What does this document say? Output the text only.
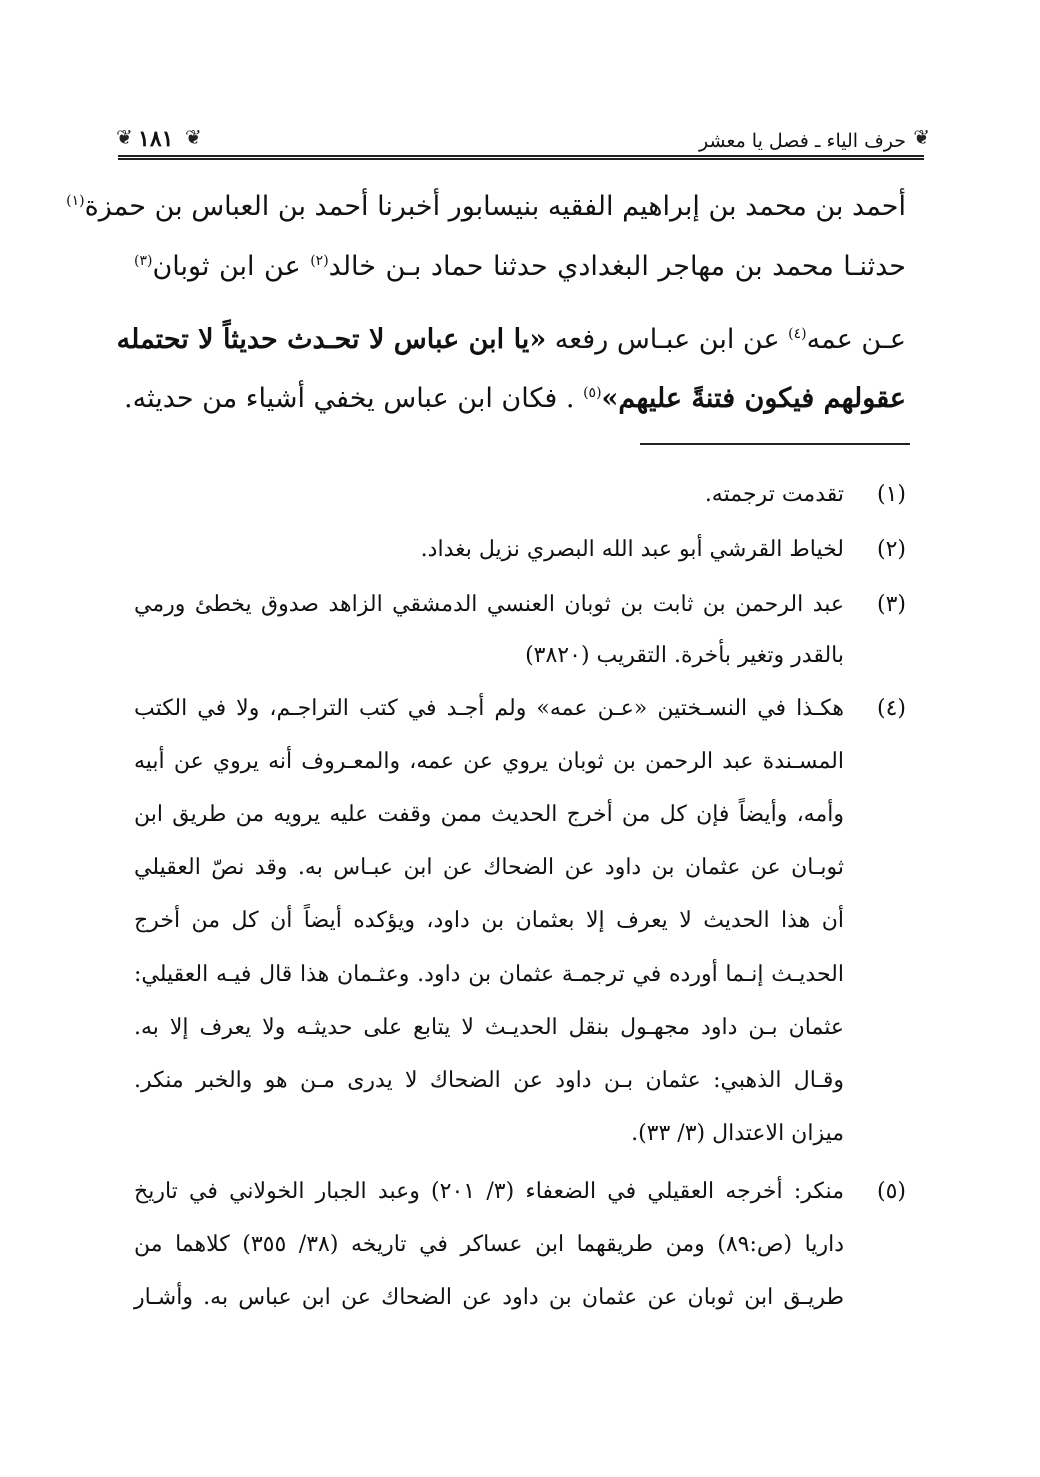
❦
حرف الياء ـ فصل يا معشر
❦
١٨١
❦
أحمد بن محمد بن إبراهيم الفقيه بنيسابور أخبرنا أحمد بن العباس بن حمزة$^{(١)}$
حدثنـا محمد بن مهاجر البغدادي حدثنا حماد بـن خالد$^{(٢)}$ عن ابن ثوبان$^{(٣)}$
عـن عمه$^{(٤)}$ عن ابن عبـاس رفعه «يا ابن عباس لا تحـدث حديثاً لا تحتمله
عقولهم فيكون فتنةً عليهم»$^{(٥)}$ . فكان ابن عباس يخفي أشياء من حديثه.
(١)
تقدمت ترجمته.
(٢)
لخياط القرشي أبو عبد الله البصري نزيل بغداد.
(٣)
عبد الرحمن بن ثابت بن ثوبان العنسي الدمشقي الزاهد صدوق يخطئ ورمي
بالقدر وتغير بأخرة. التقريب (٣٨٢٠)
(٤)
هكـذا في النسـختين «عـن عمه» ولم أجـد في كتب التراجـم، ولا في الكتب
المسـندة عبد الرحمن بن ثوبان يروي عن عمه، والمعـروف أنه يروي عن أبيه
وأمه، وأيضاً فإن كل من أخرج الحديث ممن وقفت عليه يرويه من طريق ابن
ثوبـان عن عثمان بن داود عن الضحاك عن ابن عبـاس به. وقد نصّ العقيلي
أن هذا الحديث لا يعرف إلا بعثمان بن داود، ويؤكده أيضاً أن كل من أخرج
الحديـث إنـما أورده في ترجمـة عثمان بن داود. وعثـمان هذا قال فيـه العقيلي:
عثمان بـن داود مجهـول بنقل الحديـث لا يتابع على حديثـه ولا يعرف إلا به.
وقـال الذهبي: عثمان بـن داود عن الضحاك لا يدرى مـن هو والخبر منكر.
ميزان الاعتدال (٣/ ٣٣).
(٥)
منكر: أخرجه العقيلي في الضعفاء (٣/ ٢٠١) وعبد الجبار الخولاني في تاريخ
داريا (ص:٨٩) ومن طريقهما ابن عساكر في تاريخه (٣٨/ ٣٥٥) كلاهما من
طريـق ابن ثوبان عن عثمان بن داود عن الضحاك عن ابن عباس به. وأشـار
